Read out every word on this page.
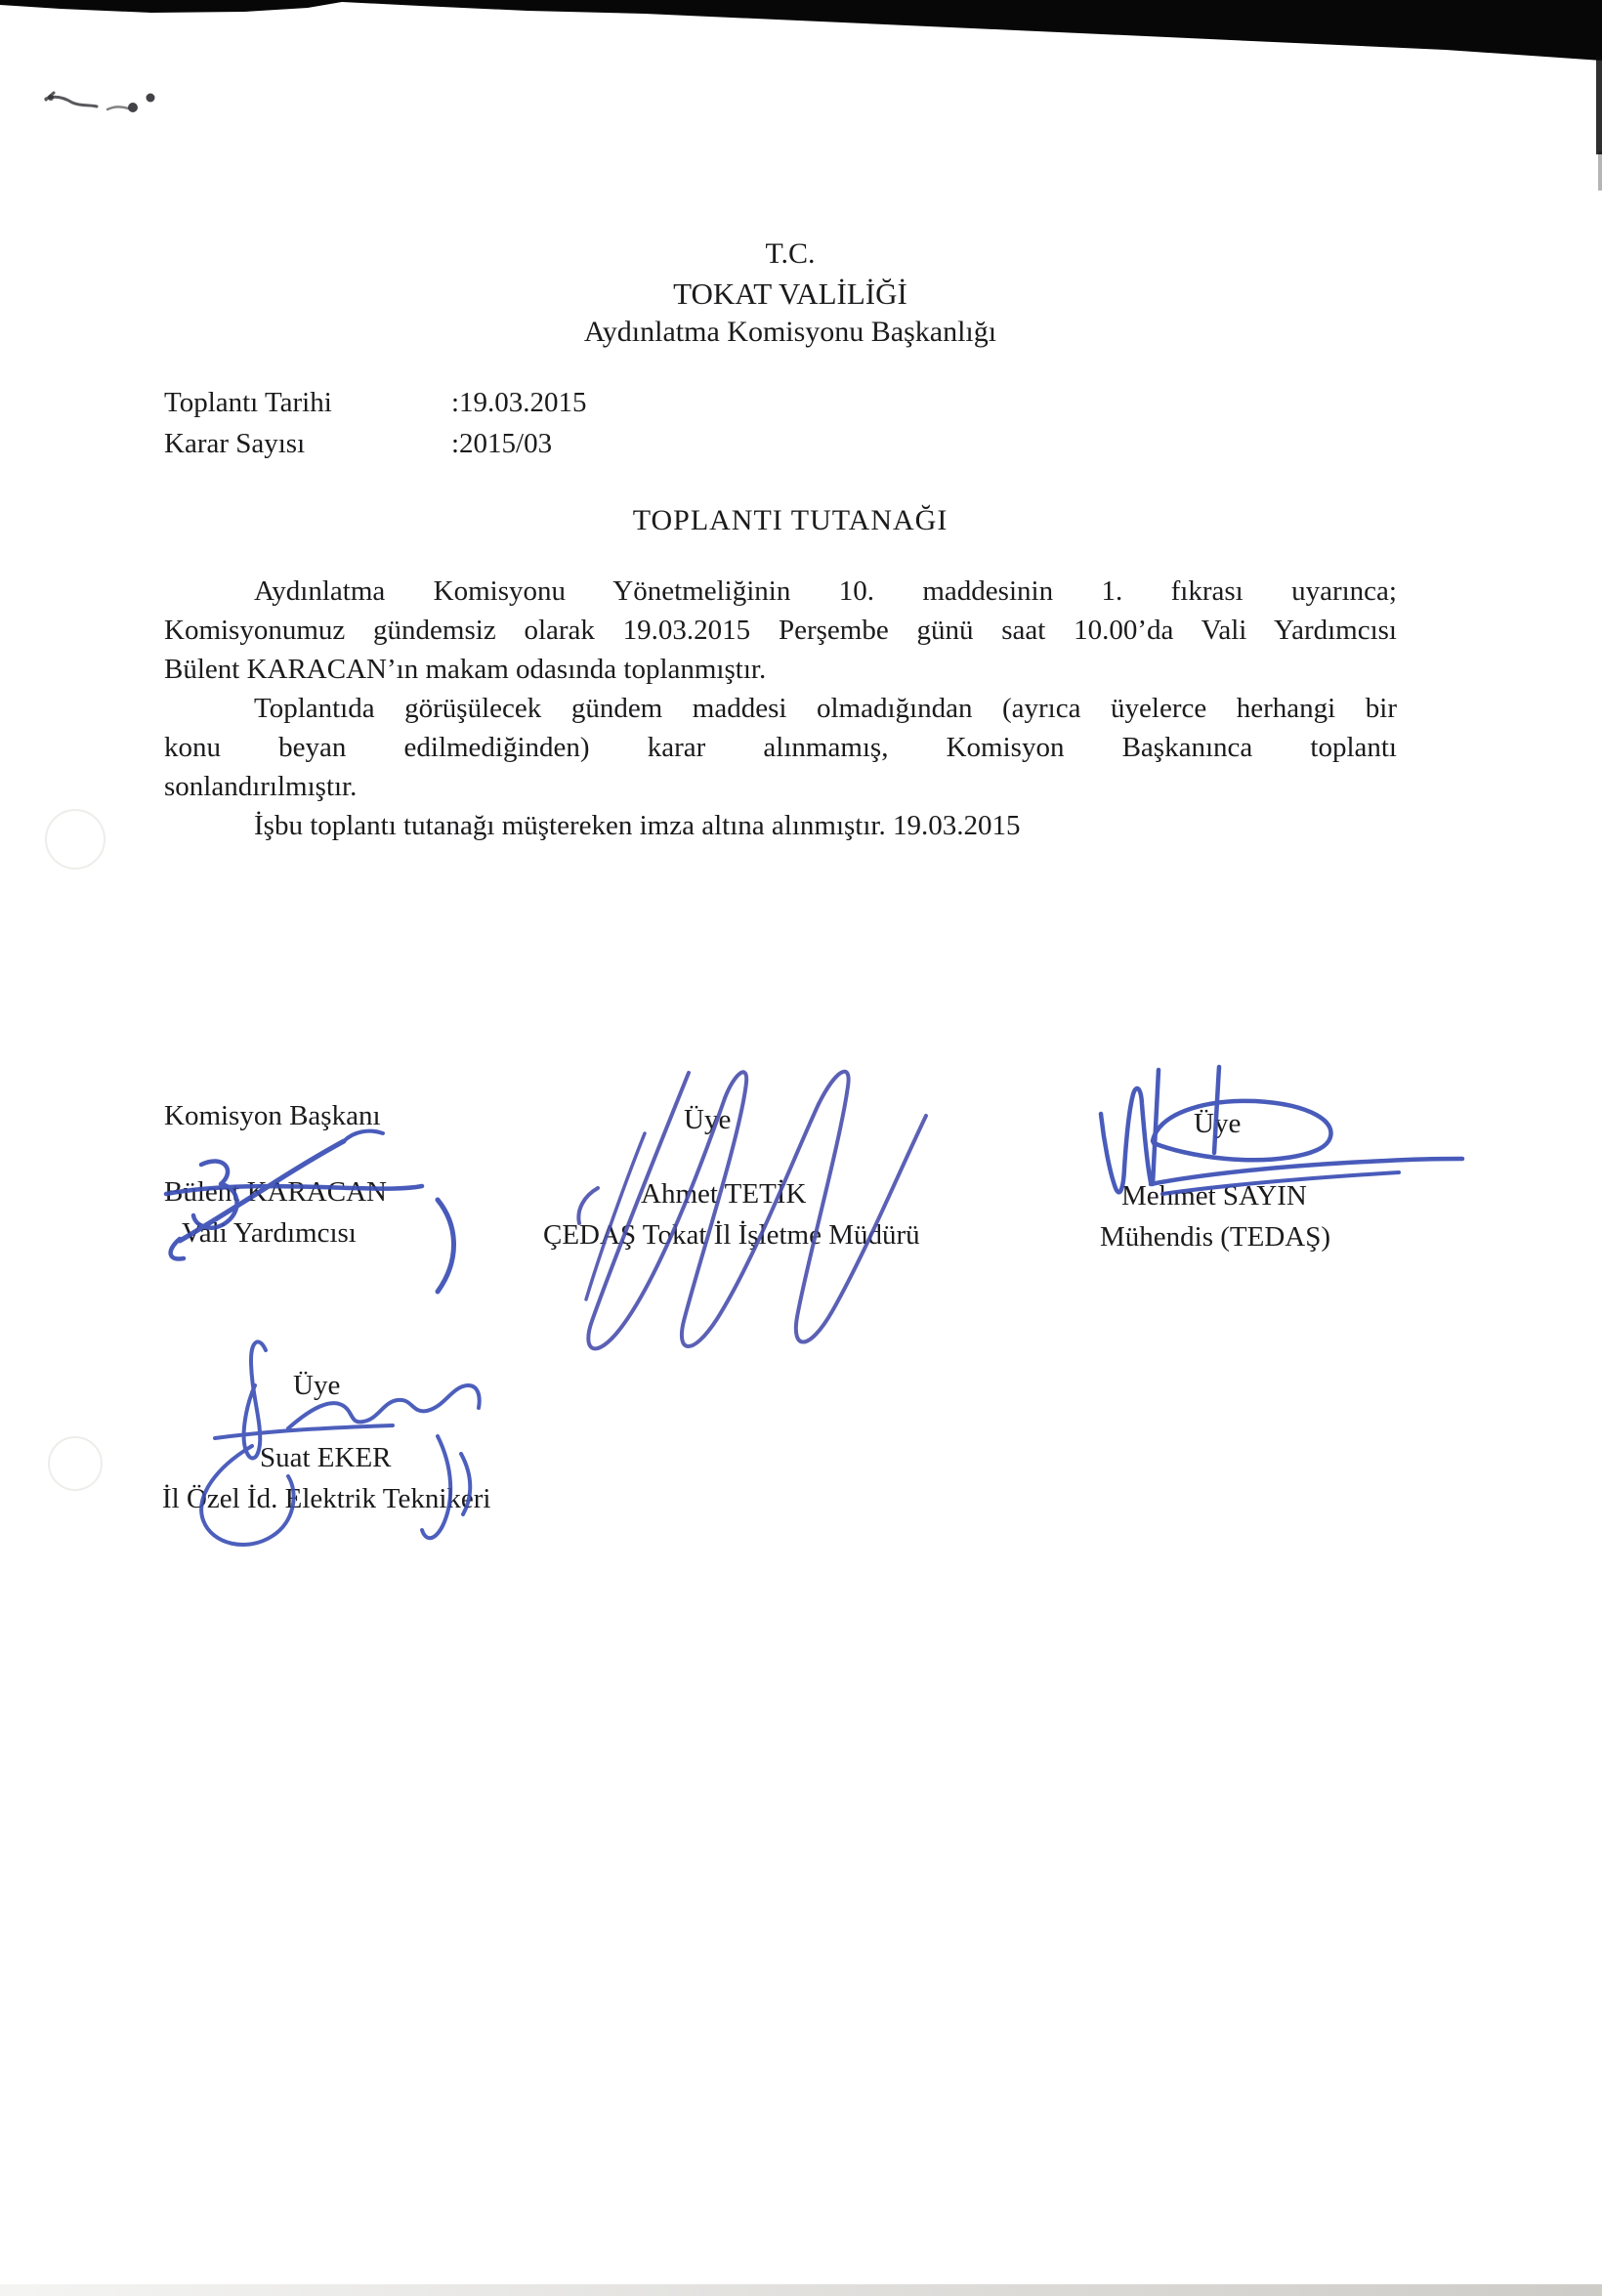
T.C.
TOKAT VALİLİĞİ
Aydınlatma Komisyonu Başkanlığı
Toplantı Tarihi	:19.03.2015
Karar Sayısı	:2015/03
TOPLANTI TUTANAĞI
Aydınlatma Komisyonu Yönetmeliğinin 10. maddesinin 1. fıkrası uyarınca;
Komisyonumuz gündemsiz olarak 19.03.2015 Perşembe günü saat 10.00’da Vali Yardımcısı
Bülent KARACAN’ın makam odasında toplanmıştır.
Toplantıda görüşülecek gündem maddesi olmadığından (ayrıca üyelerce herhangi bir
konu beyan edilmediğinden) karar alınmamış, Komisyon Başkanınca toplantı
sonlandırılmıştır.
İşbu toplantı tutanağı müştereken imza altına alınmıştır. 19.03.2015
Komisyon Başkanı
Bülent KARACAN
Vali Yardımcısı
Üye
Ahmet TETİK
ÇEDAŞ Tokat İl İşletme Müdürü
Üye
Mehmet SAYIN
Mühendis (TEDAŞ)
Üye
Suat EKER
İl Özel İd. Elektrik Teknikeri
